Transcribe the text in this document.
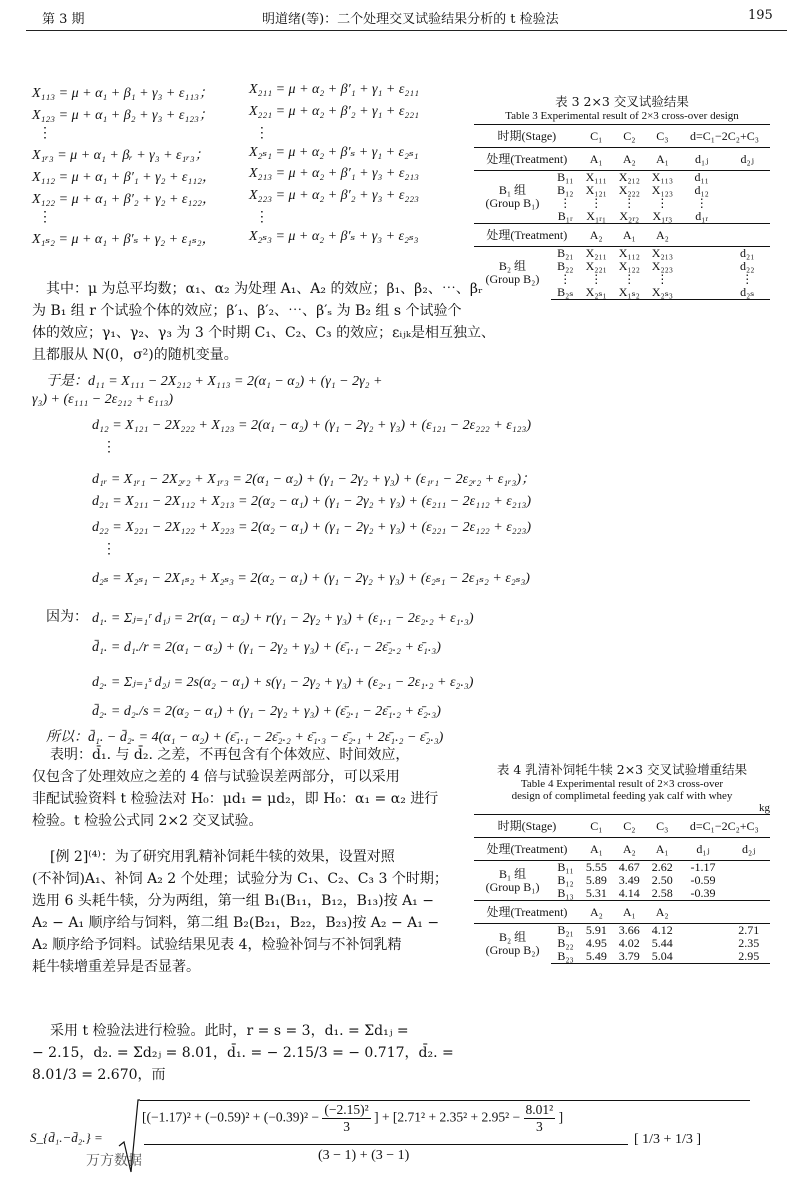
第 3 期	明道绪(等)：二个处理交叉试验结果分析的 t 检验法	195
X₁₁₃ = μ + α₁ + β₁ + γ₃ + ε₁₁₃；	X₂₁₁ = μ + α₂ + β′₁ + γ₁ + ε₂₁₁
X₁₂₃ = μ + α₁ + β₂ + γ₃ + ε₁₂₃；	X₂₂₁ = μ + α₂ + β′₂ + γ₁ + ε₂₂₁
⋮	⋮
X₁ᵣ₃ = μ + α₁ + βᵣ + γ₃ + ε₁ᵣ₃；	X₂ₛ₁ = μ + α₂ + β′ₛ + γ₁ + ε₂ₛ₁
X₁₁₂ = μ + α₁ + β′₁ + γ₂ + ε₁₁₂，	X₂₁₃ = μ + α₂ + β′₁ + γ₃ + ε₂₁₃
X₁₂₂ = μ + α₁ + β′₂ + γ₂ + ε₁₂₂，	X₂₂₃ = μ + α₂ + β′₂ + γ₃ + ε₂₂₃
⋮	⋮
X₁ₛ₂ = μ + α₁ + β′ₛ + γ₂ + ε₁ₛ₂，	X₂ₛ₃ = μ + α₂ + β′ₛ + γ₃ + ε₂ₛ₃
其中：μ 为总平均数；α₁、α₂ 为处理 A₁、A₂ 的效应；β₁、β₂、⋯、βᵣ
为 B₁ 组 r 个试验个体的效应；β′₁、β′₂、⋯、β′ₛ 为 B₂ 组 s 个试验个
体的效应；γ₁、γ₂、γ₃ 为 3 个时期 C₁、C₂、C₃ 的效应；εᵢⱼₖ是相互独立、
且都服从 N(0，σ²)的随机变量。
于是：d₁₁ = X₁₁₁ − 2X₂₁₂ + X₁₁₃ = 2(α₁ − α₂) + (γ₁ − 2γ₂ +
γ₃) + (ε₁₁₁ − 2ε₂₁₂ + ε₁₁₃)
d₁₂ = X₁₂₁ − 2X₂₂₂ + X₁₂₃ = 2(α₁ − α₂) + (γ₁ − 2γ₂ + γ₃) + (ε₁₂₁ − 2ε₂₂₂ + ε₁₂₃)
⋮
d₁ᵣ = X₁ᵣ₁ − 2X₂ᵣ₂ + X₁ᵣ₃ = 2(α₁ − α₂) + (γ₁ − 2γ₂ + γ₃) + (ε₁ᵣ₁ − 2ε₂ᵣ₂ + ε₁ᵣ₃)；
d₂₁ = X₂₁₁ − 2X₁₁₂ + X₂₁₃ = 2(α₂ − α₁) + (γ₁ − 2γ₂ + γ₃) + (ε₂₁₁ − 2ε₁₁₂ + ε₂₁₃)
d₂₂ = X₂₂₁ − 2X₁₂₂ + X₂₂₃ = 2(α₂ − α₁) + (γ₁ − 2γ₂ + γ₃) + (ε₂₂₁ − 2ε₁₂₂ + ε₂₂₃)
⋮
d₂ₛ = X₂ₛ₁ − 2X₁ₛ₂ + X₂ₛ₃ = 2(α₂ − α₁) + (γ₁ − 2γ₂ + γ₃) + (ε₂ₛ₁ − 2ε₁ₛ₂ + ε₂ₛ₃)
因为： d₁. = Σⱼ₌₁ʳ d₁ⱼ = 2r(α₁ − α₂) + r(γ₁ − 2γ₂ + γ₃) + (ε₁.₁ − 2ε₂.₂ + ε₁.₃)
d̄₁. = d₁./r = 2(α₁ − α₂) + (γ₁ − 2γ₂ + γ₃) + (ε̄₁.₁ − 2ε̄₂.₂ + ε̄₁.₃)
d₂. = Σⱼ₌₁ˢ d₂ⱼ = 2s(α₂ − α₁) + s(γ₁ − 2γ₂ + γ₃) + (ε₂.₁ − 2ε₁.₂ + ε₂.₃)
d̄₂. = d₂./s = 2(α₂ − α₁) + (γ₁ − 2γ₂ + γ₃) + (ε̄₂.₁ − 2ε̄₁.₂ + ε̄₂.₃)
所以：d̄₁. − d̄₂. = 4(α₁ − α₂) + (ε̄₁.₁ − 2ε̄₂.₂ + ε̄₁.₃ − ε̄₂.₁ + 2ε̄₁.₂ − ε̄₂.₃)
表明：d̄₁. 与 d̄₂. 之差，不再包含有个体效应、时间效应，
仅包含了处理效应之差的 4 倍与试验误差两部分，可以采用
非配试验资料 t 检验法对 H₀：μd₁ = μd₂，即 H₀：α₁ = α₂ 进行
检验。t 检验公式同 2×2 交叉试验。
[例 2]⁽⁴⁾：为了研究用乳精补饲耗牛犊的效果，设置对照
(不补饲)A₁、补饲 A₂ 2 个处理；试验分为 C₁、C₂、C₃ 3 个时期；
选用 6 头耗牛犊，分为两组，第一组 B₁(B₁₁，B₁₂，B₁₃)按 A₁ −
A₂ − A₁ 顺序给与饲料，第二组 B₂(B₂₁，B₂₂，B₂₃)按 A₂ − A₁ −
A₂ 顺序给予饲料。试验结果见表 4，检验补饲与不补饲乳精
耗牛犊增重差异是否显著。
采用 t 检验法进行检验。此时，r = s = 3，d₁. = Σd₁ⱼ =
− 2.15，d₂. = Σd₂ⱼ = 8.01，d̄₁. = − 2.15/3 = − 0.717，d̄₂. =
8.01/3 = 2.670，而
S_{d̄₁.−d̄₂.} =
[$(-1.17)^2 + (-0.59)^2 + (-0.39)^2 - \frac{\text{(−2.15)²}}{3}$ ] + [$2.71^2 + 2.35^2 + 2.95^2 - \frac{\text{8.01²}}{3}$ ]
(3 − 1) + (3 − 1)
[ 1/3 + 1/3 ]
万方数据
表 3 2×3 交叉试验结果
Table 3 Experimental result of 2×3 cross-over design
时期(Stage)		C₁	C₂	C₃	d=C₁−2C₂+C₃	
处理(Treatment)		A₁	A₂	A₁	d₁ⱼ	d₂ⱼ

B₁ 组
(Group B₁)	B₁₁	X₁₁₁	X₂₁₂	X₁₁₃	d₁₁	
	B₁₂	X₁₂₁	X₂₂₂	X₁₂₃	d₁₂	
	⋮	⋮	⋮	⋮	⋮	
	B₁ᵣ	X₁ᵣ₁	X₂ᵣ₂	X₁ᵣ₃	d₁ᵣ	
处理(Treatment)		A₂	A₁	A₂		

B₂ 组
(Group B₂)	B₂₁	X₂₁₁	X₁₁₂	X₂₁₃		d₂₁
	B₂₂	X₂₂₁	X₁₂₂	X₂₂₃		d₂₂
	⋮	⋮	⋮	⋮		⋮
	B₂ₛ	X₂ₛ₁	X₁ₛ₂	X₂ₛ₃		d₂ₛ
表 4 乳清补饲牦牛犊 2×3 交叉试验增重结果
Table 4 Experimental result of 2×3 cross-over
design of complimetal feeding yak calf with whey
kg
时期(Stage)		C₁	C₂	C₃	d=C₁−2C₂+C₃	
处理(Treatment)		A₁	A₂	A₁	d₁ⱼ	d₂ⱼ

B₁ 组
(Group B₁)	B₁₁	5.55	4.67	2.62	-1.17	
	B₁₂	5.89	3.49	2.50	-0.59	
	B₁₃	5.31	4.14	2.58	-0.39	
处理(Treatment)		A₂	A₁	A₂		

B₂ 组
(Group B₂)	B₂₁	5.91	3.66	4.12		2.71
	B₂₂	4.95	4.02	5.44		2.35
	B₂₃	5.49	3.79	5.04		2.95
